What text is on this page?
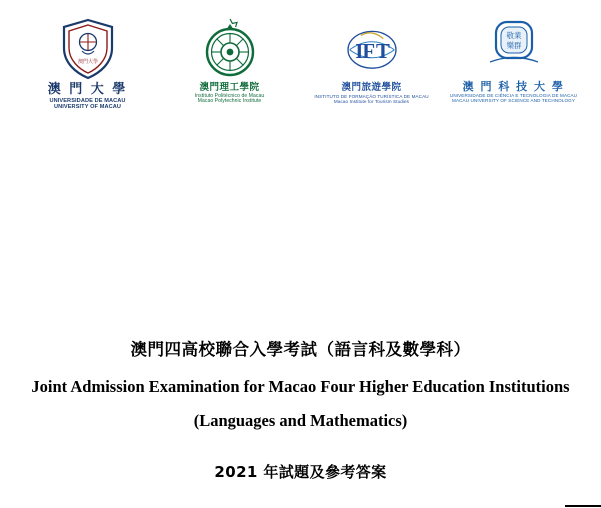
澳門大學
澳 門 大 學
UNIVERSIDADE DE MACAU
UNIVERSITY OF MACAU
澳門理工學院
Instituto Politécnico de Macau
Macao Polytechnic Institute
I F T
澳門旅遊學院
INSTITUTO DE FORMAÇÃO TURÍSTICA DE MACAU
Macao Institute for Tourism Studies
敬業
樂群
澳 門 科 技 大 學
UNIVERSIDADE DE CIÊNCIA E TECNOLOGIA DE MACAU
MACAU UNIVERSITY OF SCIENCE AND TECHNOLOGY
澳門四高校聯合入學考試（語言科及數學科）
Joint Admission Examination for Macao Four Higher Education Institutions
(Languages and Mathematics)
2021 年試題及參考答案
